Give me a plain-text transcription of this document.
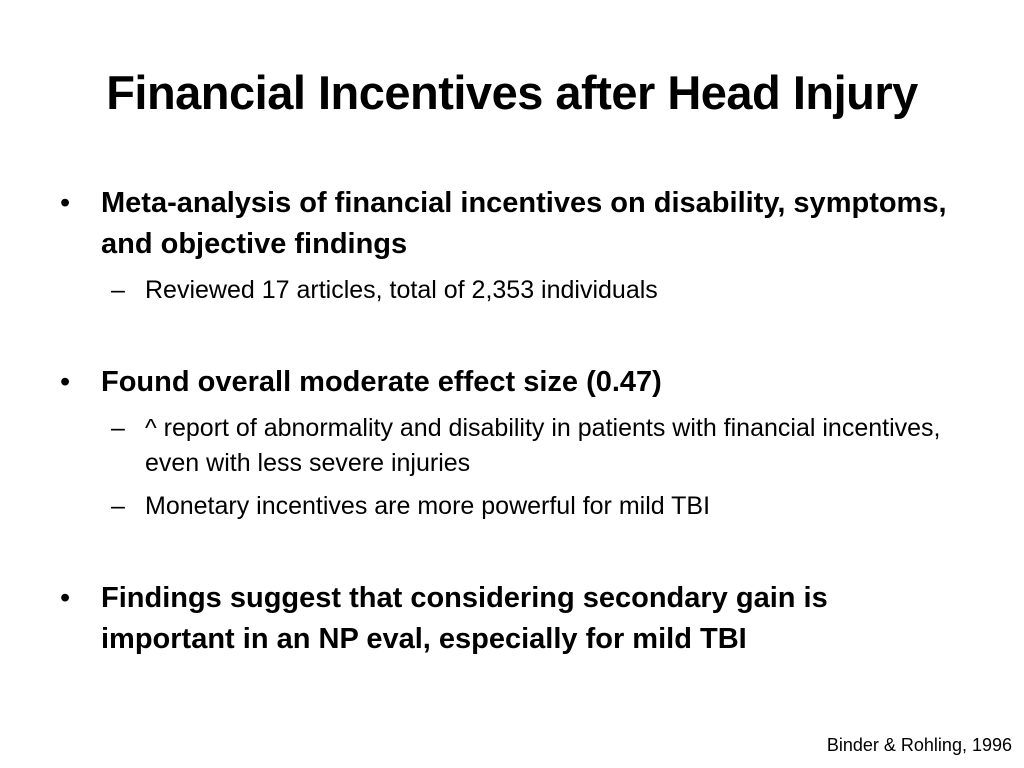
Financial Incentives after Head Injury
• Meta-analysis of financial incentives on disability, symptoms, and objective findings
– Reviewed 17 articles, total of 2,353 individuals
• Found overall moderate effect size (0.47)
– ^ report of abnormality and disability in patients with financial incentives, even with less severe injuries
– Monetary incentives are more powerful for mild TBI
• Findings suggest that considering secondary gain is important in an NP eval, especially for mild TBI
Binder & Rohling, 1996
